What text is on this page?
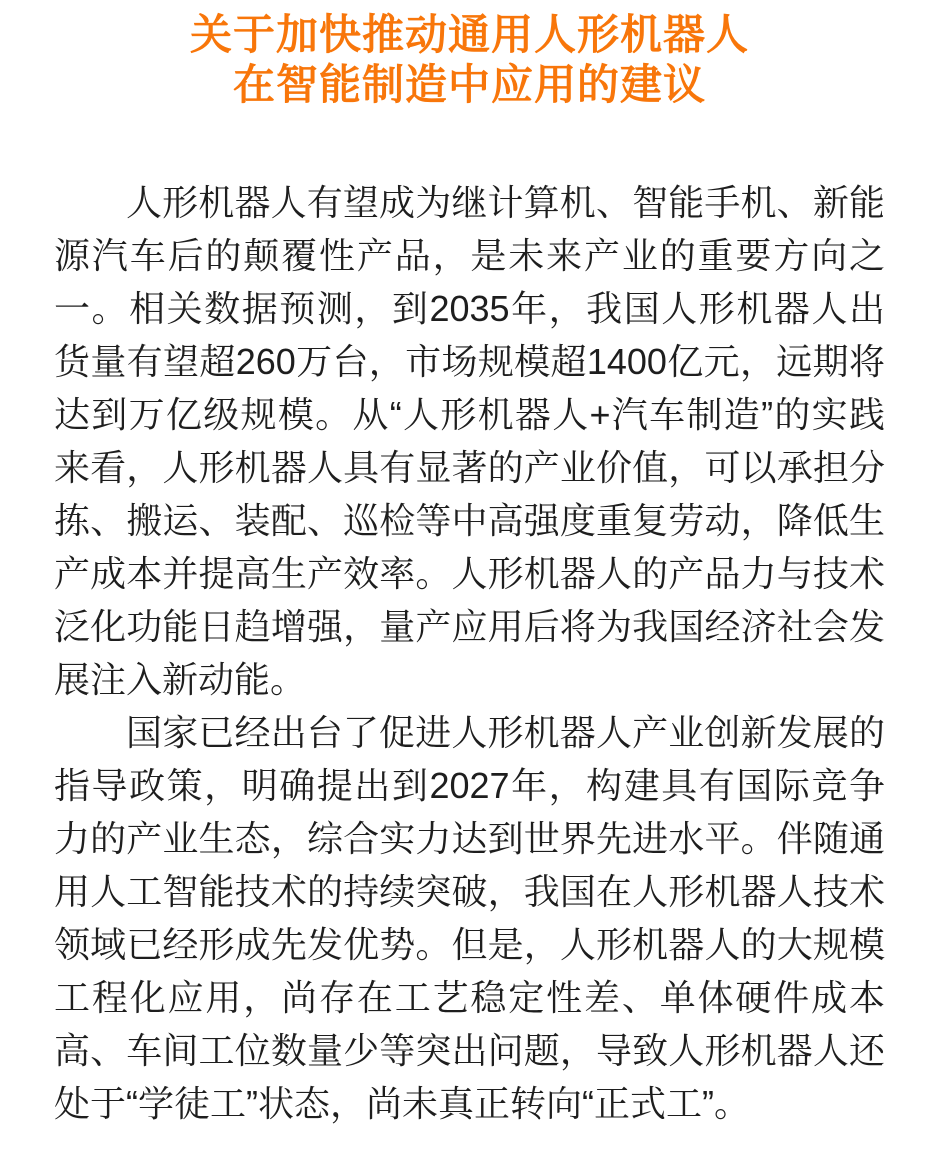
关于加快推动通用人形机器人
在智能制造中应用的建议

人形机器人有望成为继计算机、智能手机、新能源汽车后的颠覆性产品，是未来产业的重要方向之一。相关数据预测，到2035年，我国人形机器人出货量有望超260万台，市场规模超1400亿元，远期将达到万亿级规模。从“人形机器人+汽车制造”的实践来看，人形机器人具有显著的产业价值，可以承担分拣、搬运、装配、巡检等中高强度重复劳动，降低生产成本并提高生产效率。人形机器人的产品力与技术泛化功能日趋增强，量产应用后将为我国经济社会发展注入新动能。

国家已经出台了促进人形机器人产业创新发展的指导政策，明确提出到2027年，构建具有国际竞争力的产业生态，综合实力达到世界先进水平。伴随通用人工智能技术的持续突破，我国在人形机器人技术领域已经形成先发优势。但是，人形机器人的大规模工程化应用，尚存在工艺稳定性差、单体硬件成本高、车间工位数量少等突出问题，导致人形机器人还处于“学徒工”状态，尚未真正转向“正式工”。
